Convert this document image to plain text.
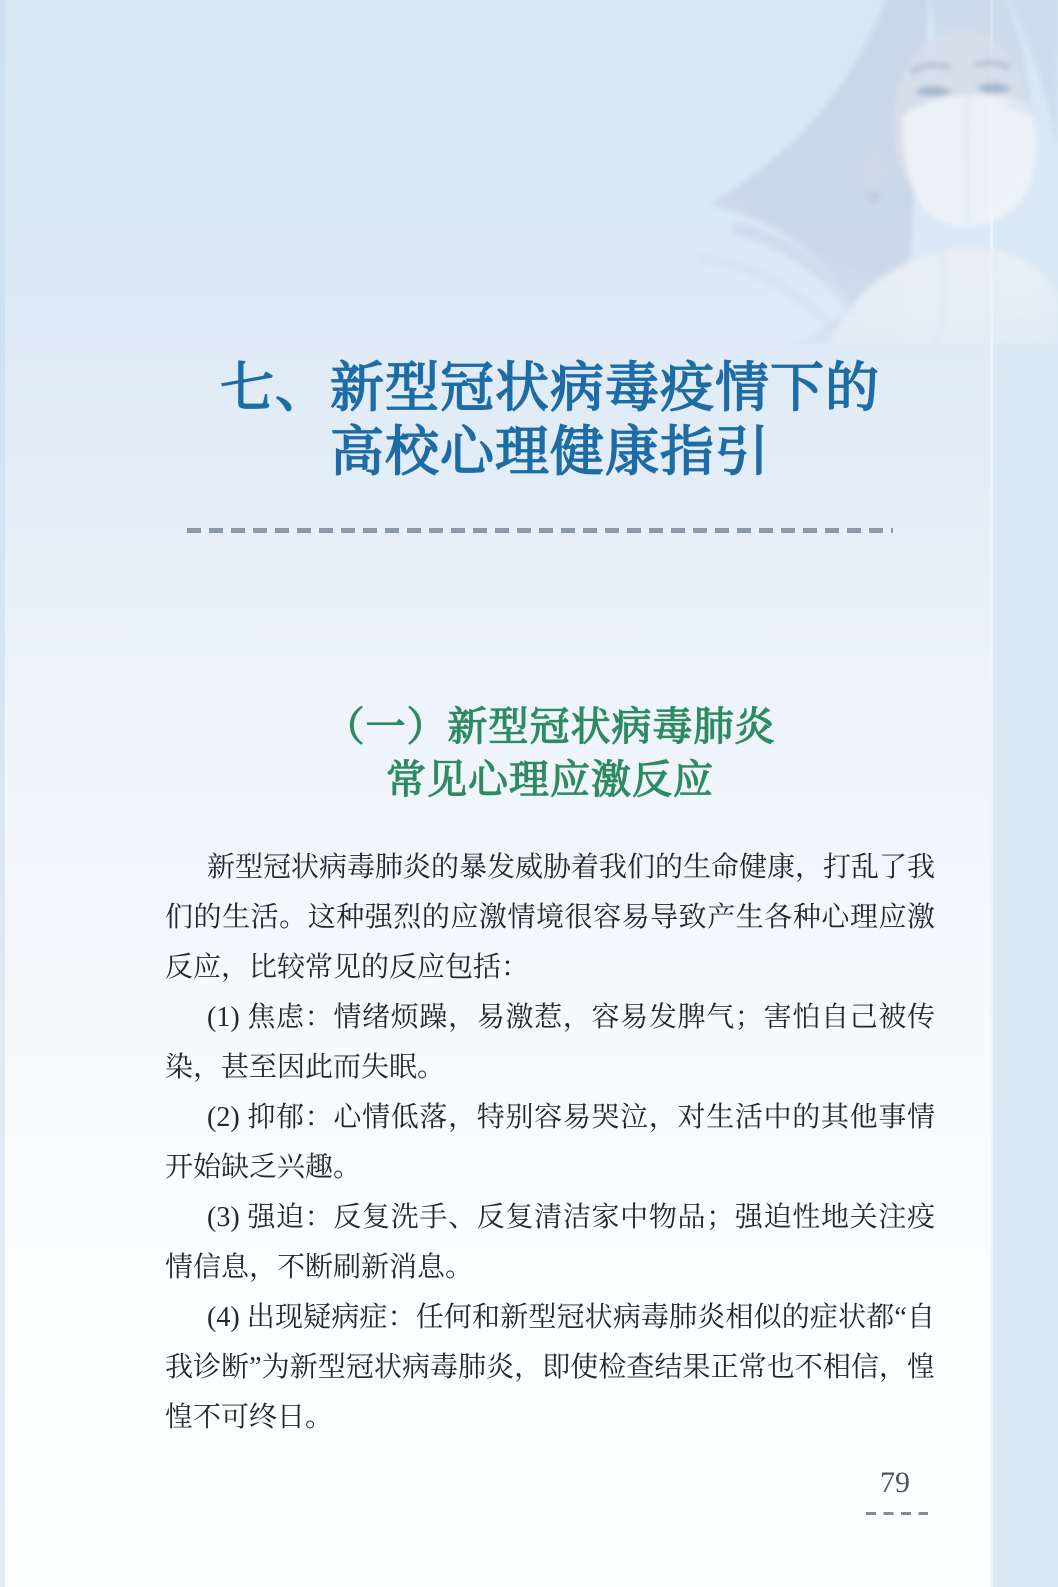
七、新型冠状病毒疫情下的
高校心理健康指引
（一）新型冠状病毒肺炎
常见心理应激反应

新型冠状病毒肺炎的暴发威胁着我们的生命健康，打乱了我们的生活。这种强烈的应激情境很容易导致产生各种心理应激反应，比较常见的反应包括：

(1) 焦虑：情绪烦躁，易激惹，容易发脾气；害怕自己被传染，甚至因此而失眠。

(2) 抑郁：心情低落，特别容易哭泣，对生活中的其他事情开始缺乏兴趣。

(3) 强迫：反复洗手、反复清洁家中物品；强迫性地关注疫情信息，不断刷新消息。

(4) 出现疑病症：任何和新型冠状病毒肺炎相似的症状都“自我诊断”为新型冠状病毒肺炎，即使检查结果正常也不相信，惶惶不可终日。

79
